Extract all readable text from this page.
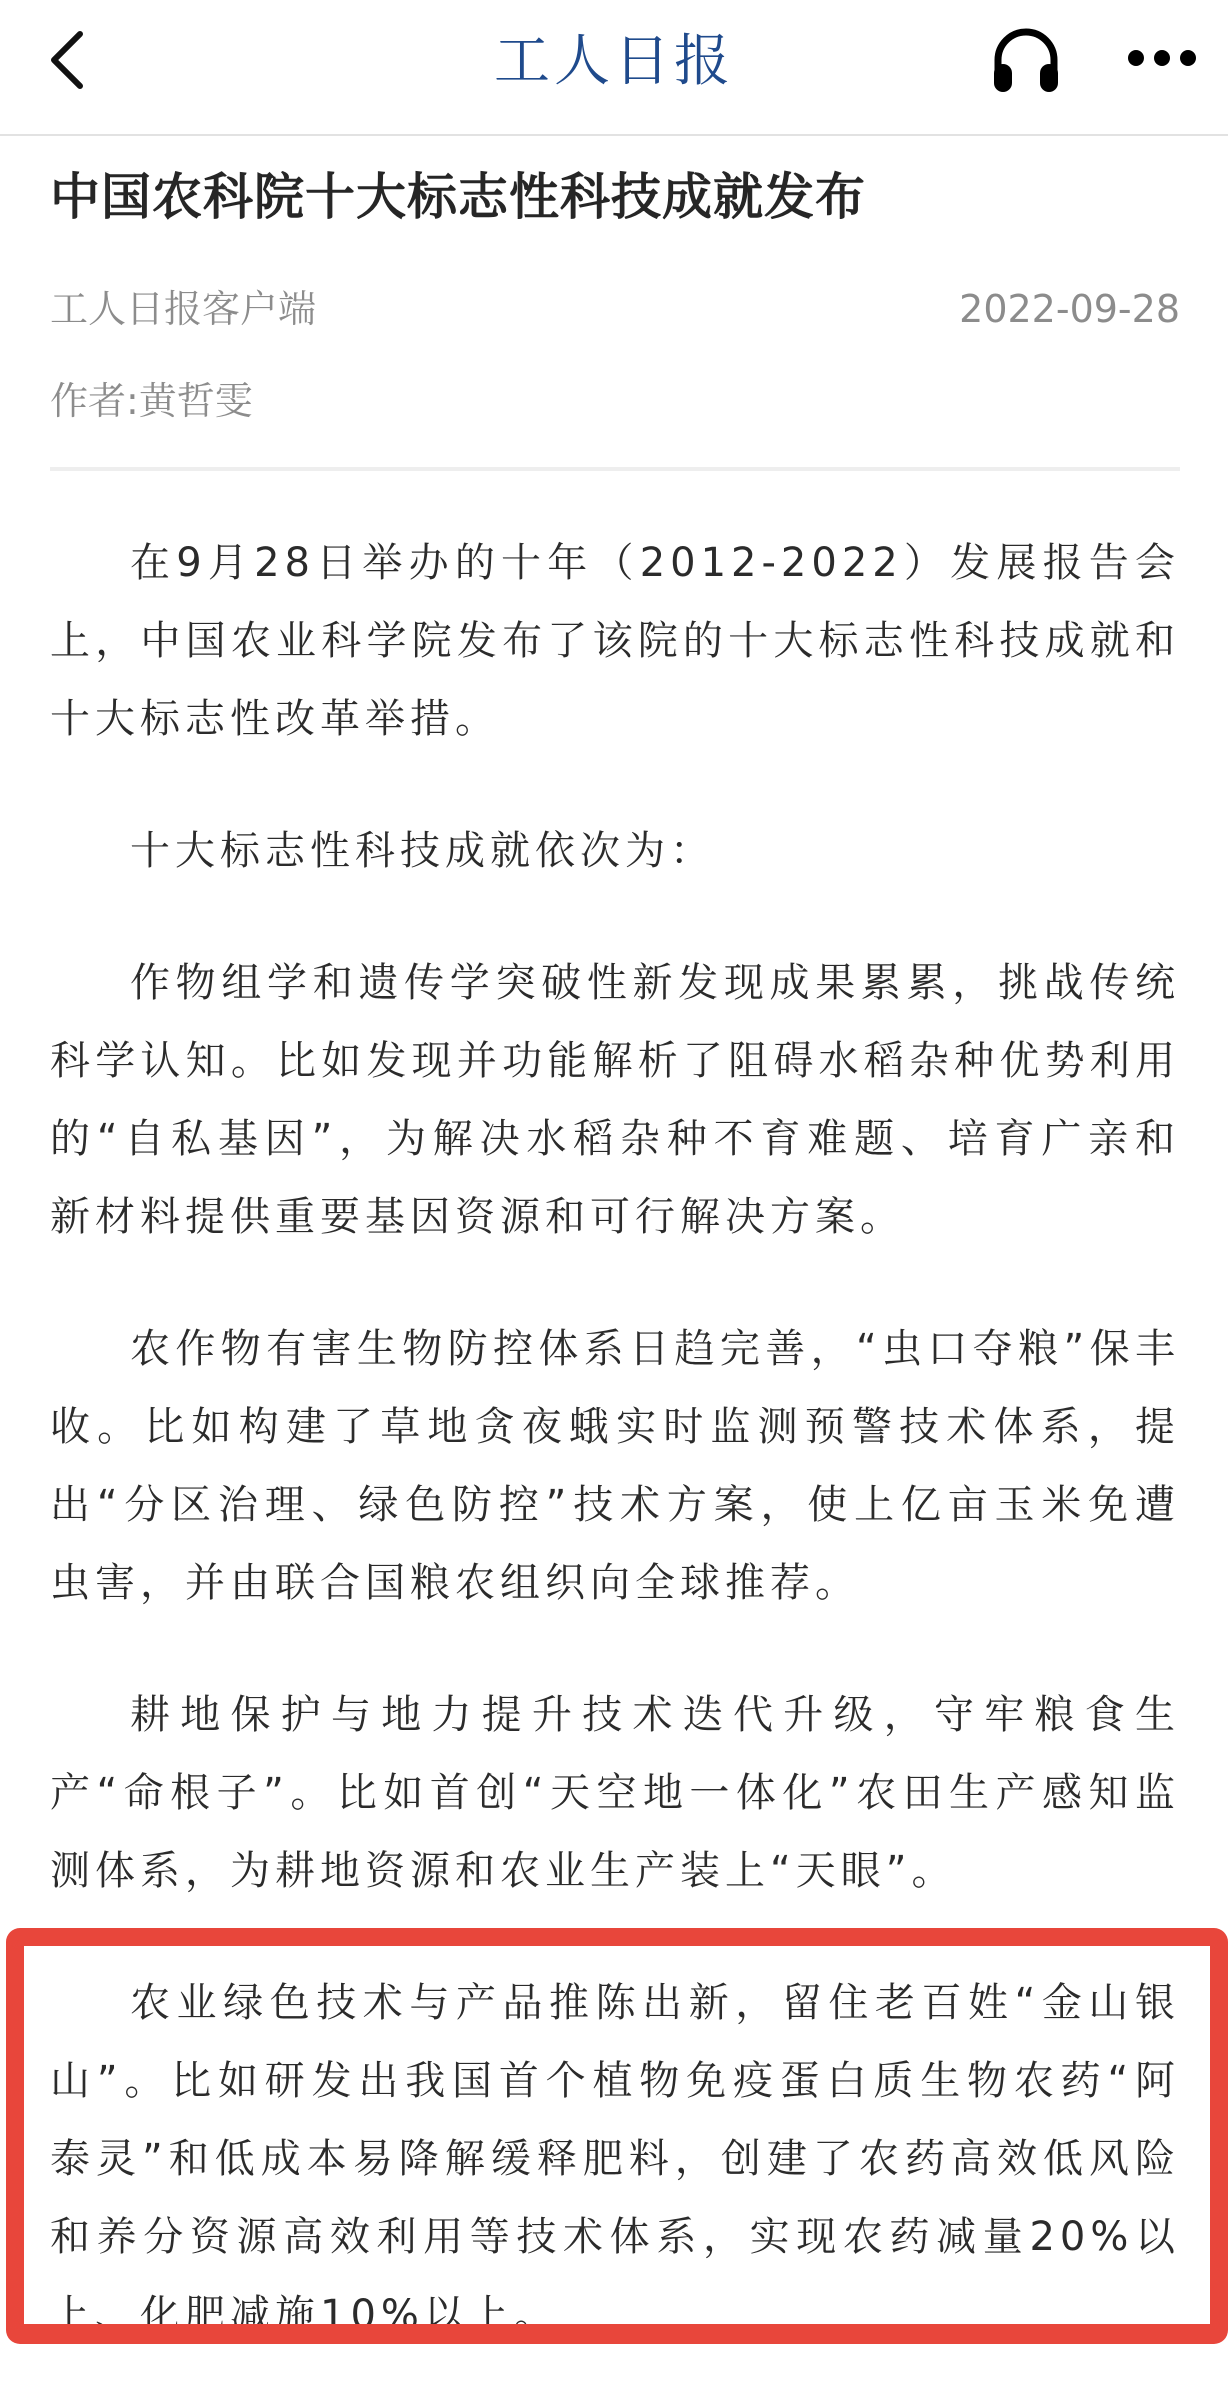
工人日报
中国农科院十大标志性科技成就发布
工人日报客户端	2022-09-28
作者:黄哲雯

在9月28日举办的十年（2012-2022）发展报告会上，中国农业科学院发布了该院的十大标志性科技成就和十大标志性改革举措。

十大标志性科技成就依次为：

作物组学和遗传学突破性新发现成果累累，挑战传统科学认知。比如发现并功能解析了阻碍水稻杂种优势利用的“自私基因”，为解决水稻杂种不育难题、培育广亲和新材料提供重要基因资源和可行解决方案。

农作物有害生物防控体系日趋完善，“虫口夺粮”保丰收。比如构建了草地贪夜蛾实时监测预警技术体系，提出“分区治理、绿色防控”技术方案，使上亿亩玉米免遭虫害，并由联合国粮农组织向全球推荐。

耕地保护与地力提升技术迭代升级，守牢粮食生产“命根子”。比如首创“天空地一体化”农田生产感知监测体系，为耕地资源和农业生产装上“天眼”。

农业绿色技术与产品推陈出新，留住老百姓“金山银山”。比如研发出我国首个植物免疫蛋白质生物农药“阿泰灵”和低成本易降解缓释肥料，创建了农药高效低风险和养分资源高效利用等技术体系，实现农药减量20%以上、化肥减施10%以上。
